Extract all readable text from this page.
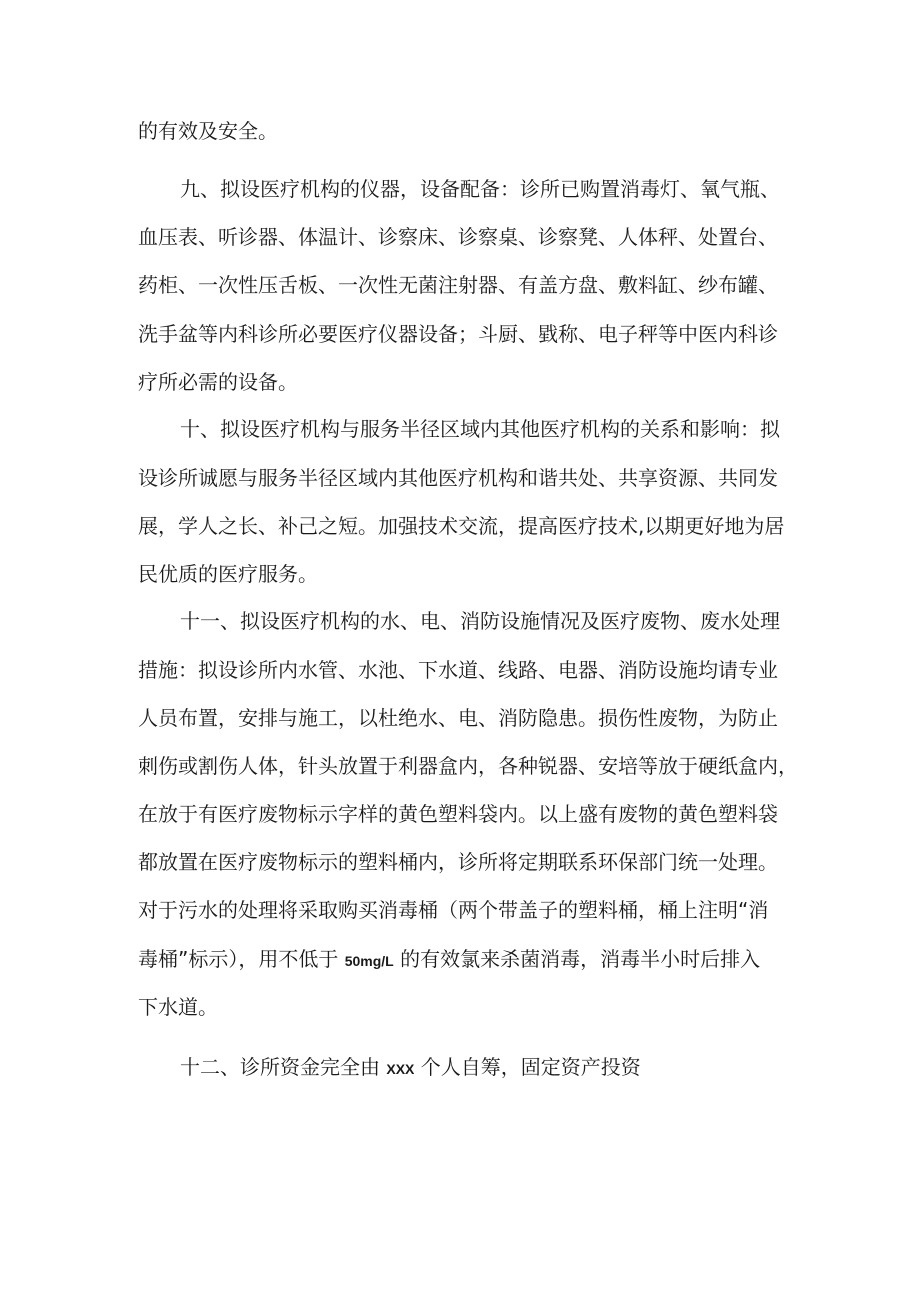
的有效及安全。

九、拟设医疗机构的仪器，设备配备：诊所已购置消毒灯、氧气瓶、

血压表、听诊器、体温计、诊察床、诊察桌、诊察凳、人体秤、处置台、

药柜、一次性压舌板、一次性无菌注射器、有盖方盘、敷料缸、纱布罐、

洗手盆等内科诊所必要医疗仪器设备；斗厨、戥称、电子秤等中医内科诊

疗所必需的设备。

十、拟设医疗机构与服务半径区域内其他医疗机构的关系和影响：拟

设诊所诚愿与服务半径区域内其他医疗机构和谐共处、共享资源、共同发

展，学人之长、补己之短。加强技术交流，提高医疗技术,以期更好地为居

民优质的医疗服务。

十一、拟设医疗机构的水、电、消防设施情况及医疗废物、废水处理

措施：拟设诊所内水管、水池、下水道、线路、电器、消防设施均请专业

人员布置，安排与施工，以杜绝水、电、消防隐患。损伤性废物，为防止

刺伤或割伤人体，针头放置于利器盒内，各种锐器、安培等放于硬纸盒内，

在放于有医疗废物标示字样的黄色塑料袋内。以上盛有废物的黄色塑料袋

都放置在医疗废物标示的塑料桶内，诊所将定期联系环保部门统一处理。

对于污水的处理将采取购买消毒桶（两个带盖子的塑料桶，桶上注明“消

毒桶”标示），用不低于 50mg/L 的有效氯来杀菌消毒，消毒半小时后排入

下水道。

十二、诊所资金完全由 XXX 个人自筹，固定资产投资
